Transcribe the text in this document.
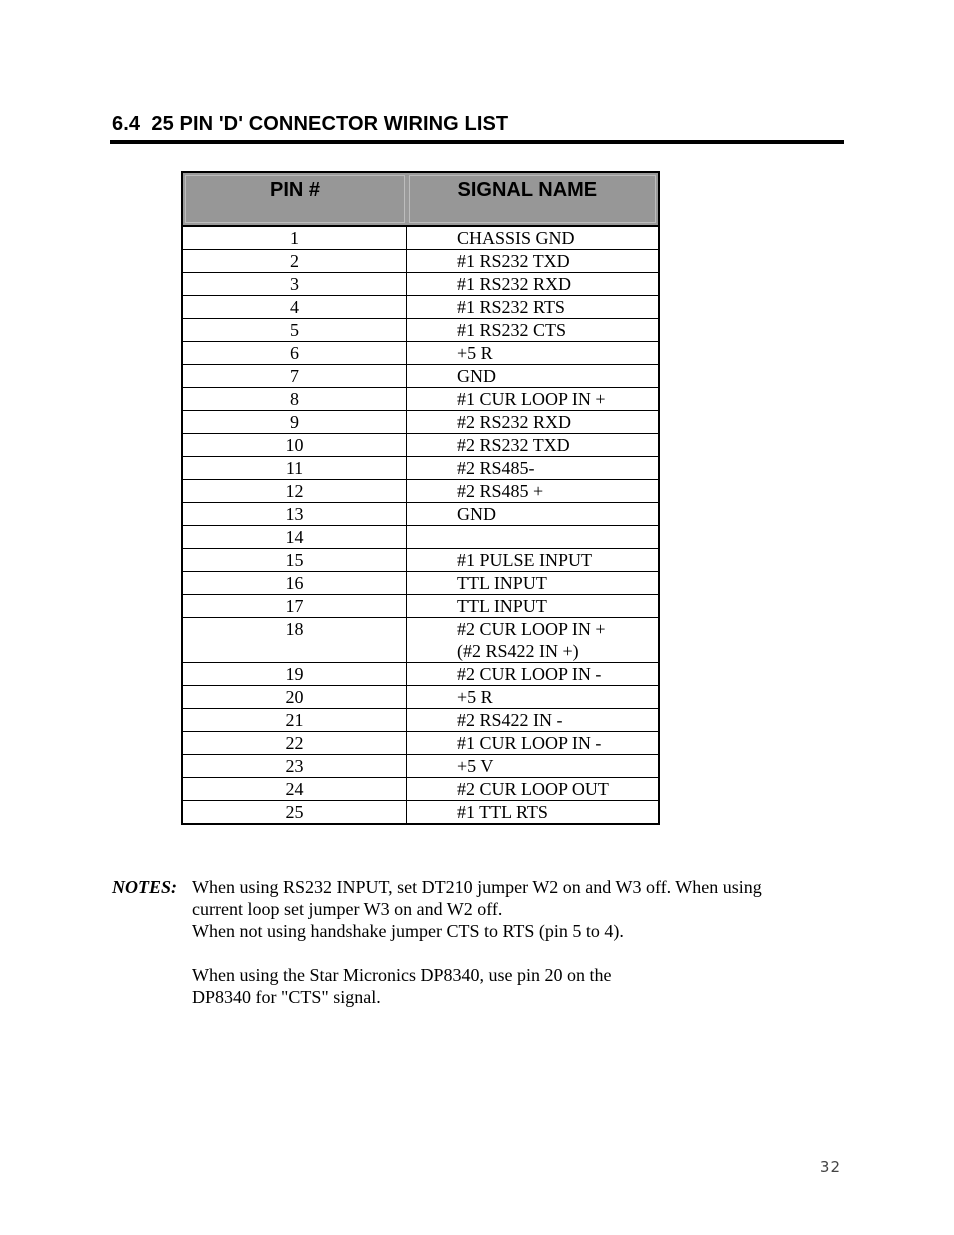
6.4  25 PIN 'D' CONNECTOR WIRING LIST
PIN #	SIGNAL NAME

1	CHASSIS GND

2	#1 RS232 TXD

3	#1 RS232 RXD

4	#1 RS232 RTS

5	#1 RS232 CTS

6	+5 R

7	GND

8	#1 CUR LOOP IN +

9	#2 RS232 RXD

10	#2 RS232 TXD

11	#2 RS485-

12	#2 RS485 +

13	GND

14	

15	#1 PULSE INPUT

16	TTL INPUT

17	TTL INPUT

18	#2 CUR LOOP IN +
(#2 RS422 IN +)

19	#2 CUR LOOP IN -

20	+5 R

21	#2 RS422 IN -

22	#1 CUR LOOP IN -

23	+5 V

24	#2 CUR LOOP OUT

25	#1 TTL RTS
NOTES: When using RS232 INPUT, set DT210 jumper W2 on and W3 off. When using
current loop set jumper W3 on and W2 off.
When not using handshake jumper CTS to RTS (pin 5 to 4).
When using the Star Micronics DP8340, use pin 20 on the
DP8340 for "CTS" signal.
32
